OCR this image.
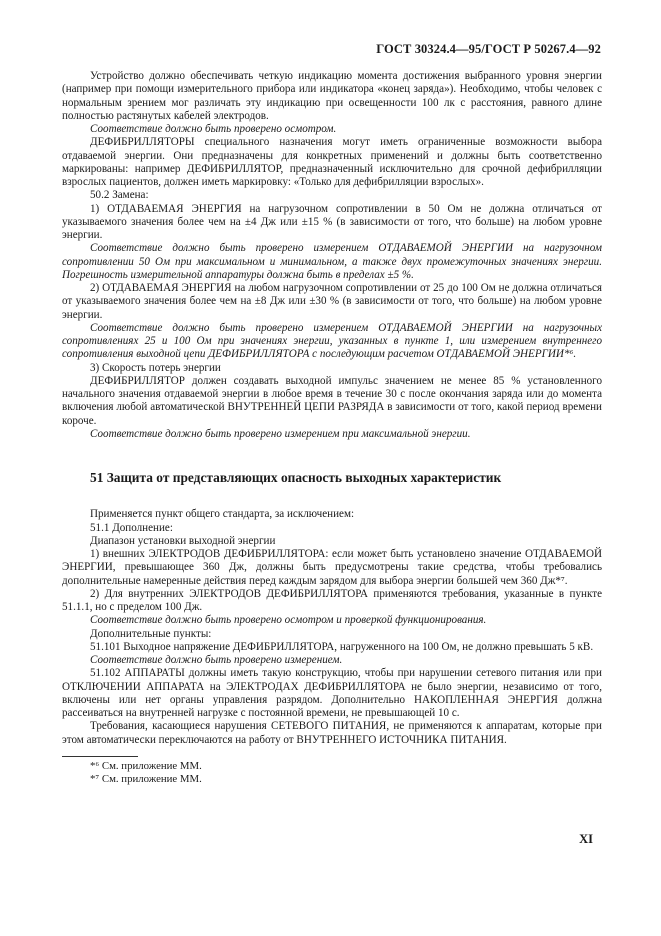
ГОСТ 30324.4—95/ГОСТ Р 50267.4—92

Устройство должно обеспечивать четкую индикацию момента достижения выбранного уровня энергии (например при помощи измерительного прибора или индикатора «конец заряда»). Необходимо, чтобы человек с нормальным зрением мог различать эту индикацию при освещенности 100 лк с расстояния, равного длине полностью растянутых кабелей электродов.

Соответствие должно быть проверено осмотром.

ДЕФИБРИЛЛЯТОРЫ специального назначения могут иметь ограниченные возможности выбора отдаваемой энергии. Они предназначены для конкретных применений и должны быть соответственно маркированы: например ДЕФИБРИЛЛЯТОР, предназначенный исключительно для срочной дефибрилляции взрослых пациентов, должен иметь маркировку: «Только для дефибрилляции взрослых».

50.2 Замена:

1) ОТДАВАЕМАЯ ЭНЕРГИЯ на нагрузочном сопротивлении в 50 Ом не должна отличаться от указываемого значения более чем на ±4 Дж или ±15 % (в зависимости от того, что больше) на любом уровне энергии.

Соответствие должно быть проверено измерением ОТДАВАЕМОЙ ЭНЕРГИИ на нагрузочном сопротивлении 50 Ом при максимальном и минимальном, а также двух промежуточных значениях энергии. Погрешность измерительной аппаратуры должна быть в пределах ±5 %.

2) ОТДАВАЕМАЯ ЭНЕРГИЯ на любом нагрузочном сопротивлении от 25 до 100 Ом не должна отличаться от указываемого значения более чем на ±8 Дж или ±30 % (в зависимости от того, что больше) на любом уровне энергии.

Соответствие должно быть проверено измерением ОТДАВАЕМОЙ ЭНЕРГИИ на нагрузочных сопротивлениях 25 и 100 Ом при значениях энергии, указанных в пункте 1, или измерением внутреннего сопротивления выходной цепи ДЕФИБРИЛЛЯТОРА с последующим расчетом ОТДАВАЕМОЙ ЭНЕРГИИ*⁶.

3) Скорость потерь энергии

ДЕФИБРИЛЛЯТОР должен создавать выходной импульс значением не менее 85 % установленного начального значения отдаваемой энергии в любое время в течение 30 с после окончания заряда или до момента включения любой автоматической ВНУТРЕННЕЙ ЦЕПИ РАЗРЯДА в зависимости от того, какой период времени короче.

Соответствие должно быть проверено измерением при максимальной энергии.

51 Защита от представляющих опасность выходных характеристик

Применяется пункт общего стандарта, за исключением:

51.1 Дополнение:

Диапазон установки выходной энергии

1) внешних ЭЛЕКТРОДОВ ДЕФИБРИЛЛЯТОРА: если может быть установлено значение ОТДАВАЕМОЙ ЭНЕРГИИ, превышающее 360 Дж, должны быть предусмотрены такие средства, чтобы требовались дополнительные намеренные действия перед каждым зарядом для выбора энергии большей чем 360 Дж*⁷.

2) Для внутренних ЭЛЕКТРОДОВ ДЕФИБРИЛЛЯТОРА применяются требования, указанные в пункте 51.1.1, но с пределом 100 Дж.

Соответствие должно быть проверено осмотром и проверкой функционирования.

Дополнительные пункты:

51.101 Выходное напряжение ДЕФИБРИЛЛЯТОРА, нагруженного на 100 Ом, не должно превышать 5 кВ.

Соответствие должно быть проверено измерением.

51.102 АППАРАТЫ должны иметь такую конструкцию, чтобы при нарушении сетевого питания или при ОТКЛЮЧЕНИИ АППАРАТА на ЭЛЕКТРОДАХ ДЕФИБРИЛЛЯТОРА не было энергии, независимо от того, включены или нет органы управления разрядом. Дополнительно НАКОПЛЕННАЯ ЭНЕРГИЯ должна рассеиваться на внутренней нагрузке с постоянной времени, не превышающей 10 с.

Требования, касающиеся нарушения СЕТЕВОГО ПИТАНИЯ, не применяются к аппаратам, которые при этом автоматически переключаются на работу от ВНУТРЕННЕГО ИСТОЧНИКА ПИТАНИЯ.

*⁶ См. приложение ММ.

*⁷ См. приложение ММ.

XI
